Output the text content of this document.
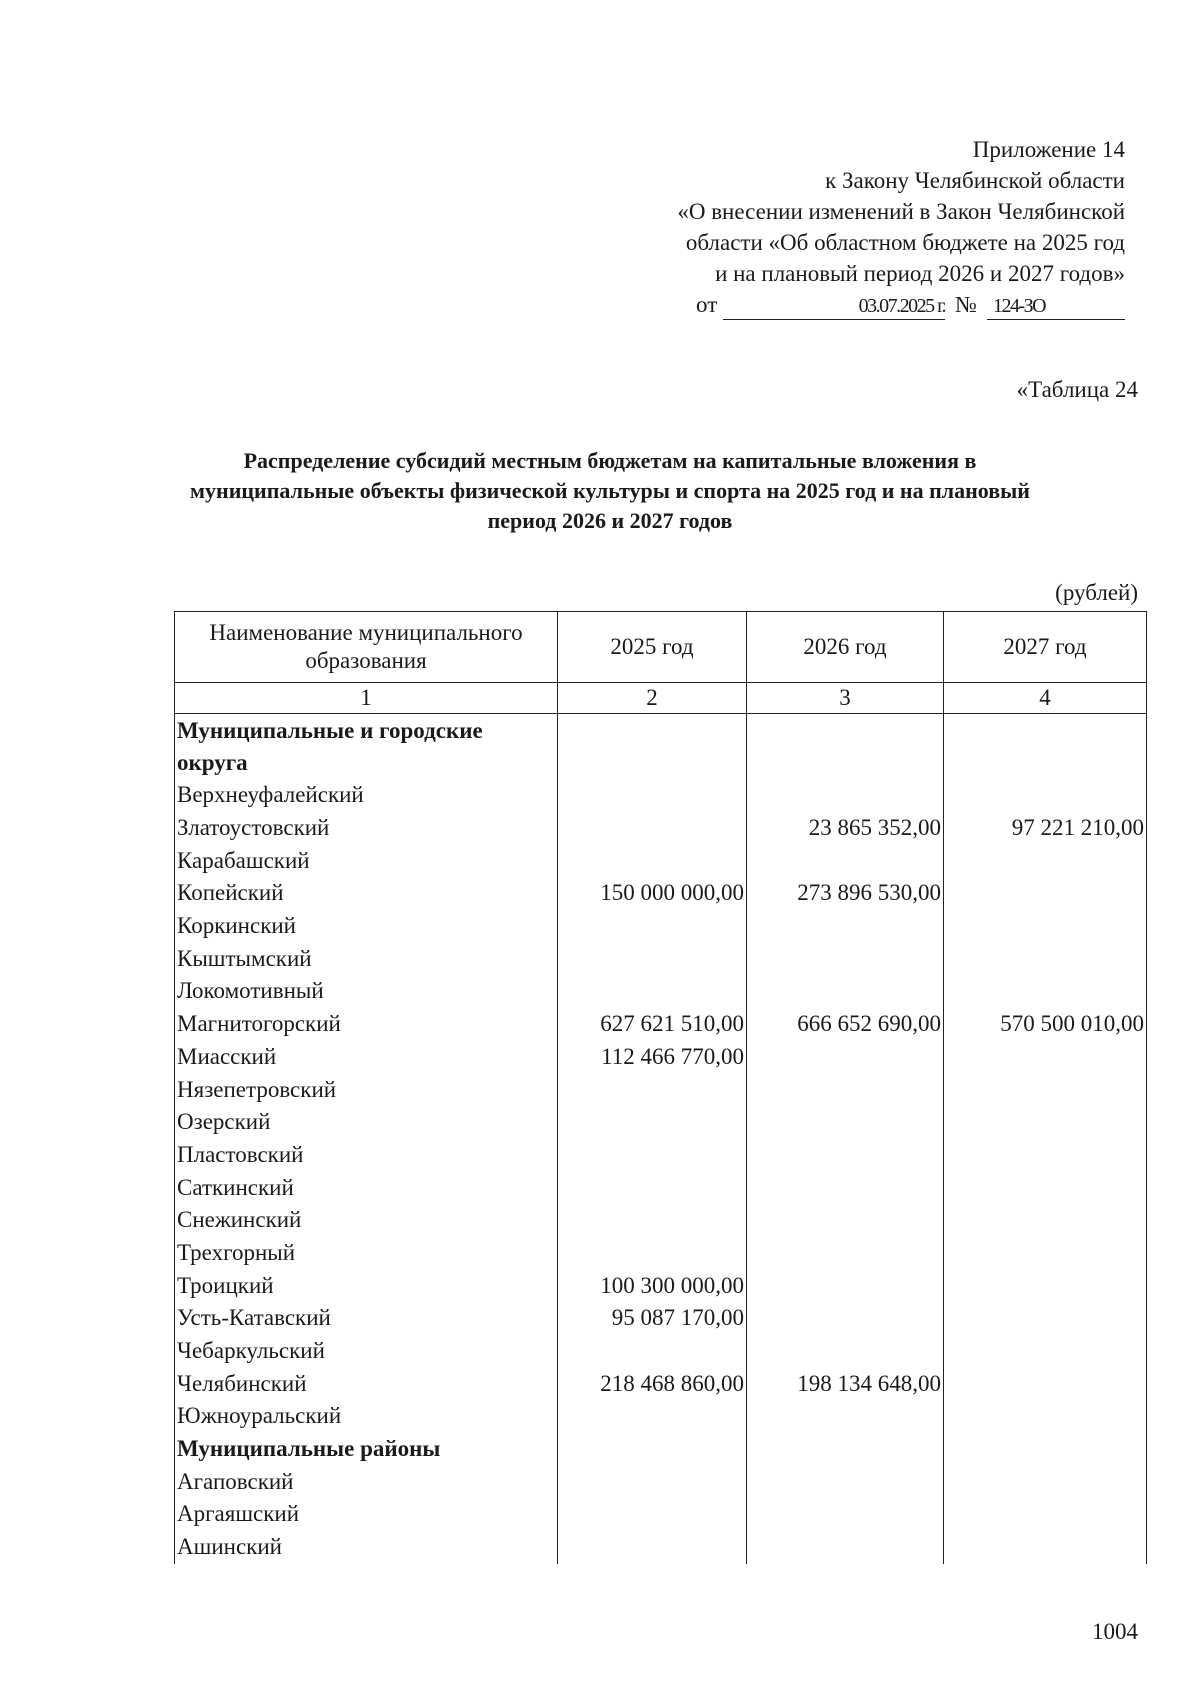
Приложение 14
к Закону Челябинской области
«О внесении изменений в Закон Челябинской
области «Об областном бюджете на 2025 год
и на плановый период 2026 и 2027 годов»
от	03.07.2025 г. № 124-ЗО
«Таблица 24
Распределение субсидий местным бюджетам на капитальные вложения в муниципальные объекты физической культуры и спорта на 2025 год и на плановый период 2026 и 2027 годов
(рублей)
Наименование муниципального образования	2025 год	2026 год	2027 год
1	2	3	4
Муниципальные и городские округа			
Верхнеуфалейский			
Златоустовский		23 865 352,00	97 221 210,00
Карабашский			
Копейский	150 000 000,00	273 896 530,00	
Коркинский			
Кыштымский			
Локомотивный			
Магнитогорский	627 621 510,00	666 652 690,00	570 500 010,00
Миасский	112 466 770,00		
Нязепетровский			
Озерский			
Пластовский			
Саткинский			
Снежинский			
Трехгорный			
Троицкий	100 300 000,00		
Усть-Катавский	95 087 170,00		
Чебаркульский			
Челябинский	218 468 860,00	198 134 648,00	
Южноуральский			
Муниципальные районы			
Агаповский			
Аргаяшский			
Ашинский			
1004
